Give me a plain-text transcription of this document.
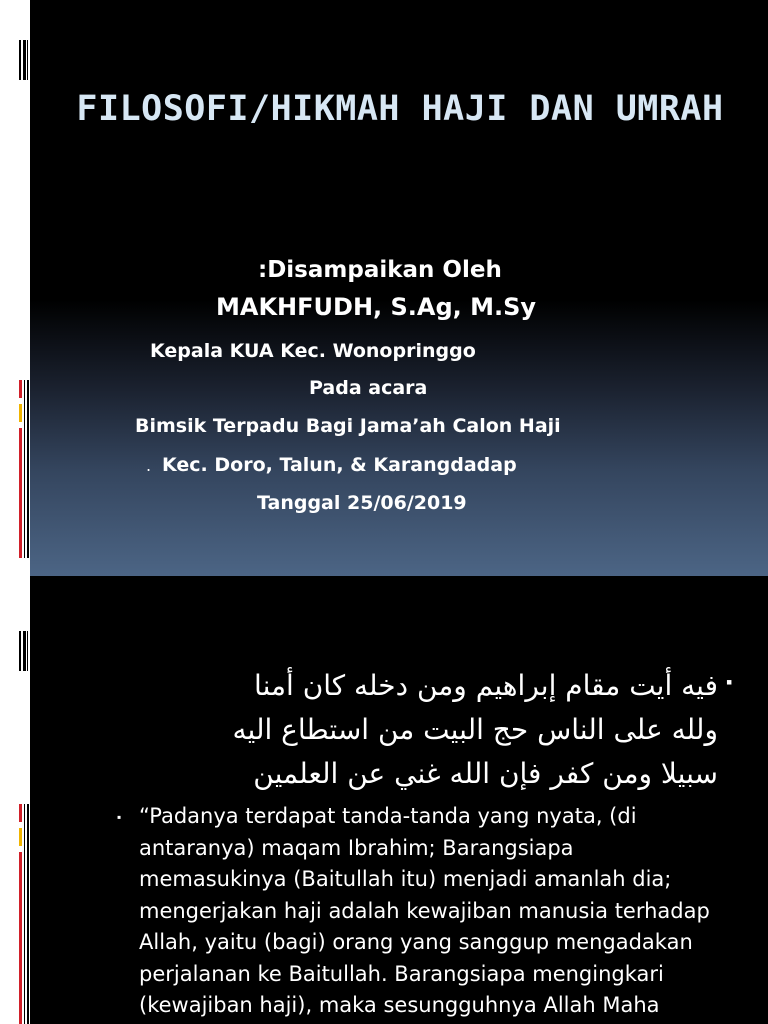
FILOSOFI/HIKMAH HAJI DAN UMRAH
:Disampaikan Oleh
MAKHFUDH, S.Ag, M.Sy
Kepala KUA Kec. Wonopringgo
Pada acara
Bimsik Terpadu Bagi Jama’ah Calon Haji
. Kec. Doro, Talun, & Karangdadap
Tanggal 25/06/2019
▪
فيه أيت مقام إبراهيم ومن دخله كان أمنا
ولله على الناس حج البيت من استطاع اليه
سبيلا ومن كفر فإن الله غني عن العلمين
▪ “Padanya terdapat tanda-tanda yang nyata, (di
antaranya) maqam Ibrahim; Barangsiapa
memasukinya (Baitullah itu) menjadi amanlah dia;
mengerjakan haji adalah kewajiban manusia terhadap
Allah, yaitu (bagi) orang yang sanggup mengadakan
perjalanan ke Baitullah. Barangsiapa mengingkari
(kewajiban haji), maka sesungguhnya Allah Maha
